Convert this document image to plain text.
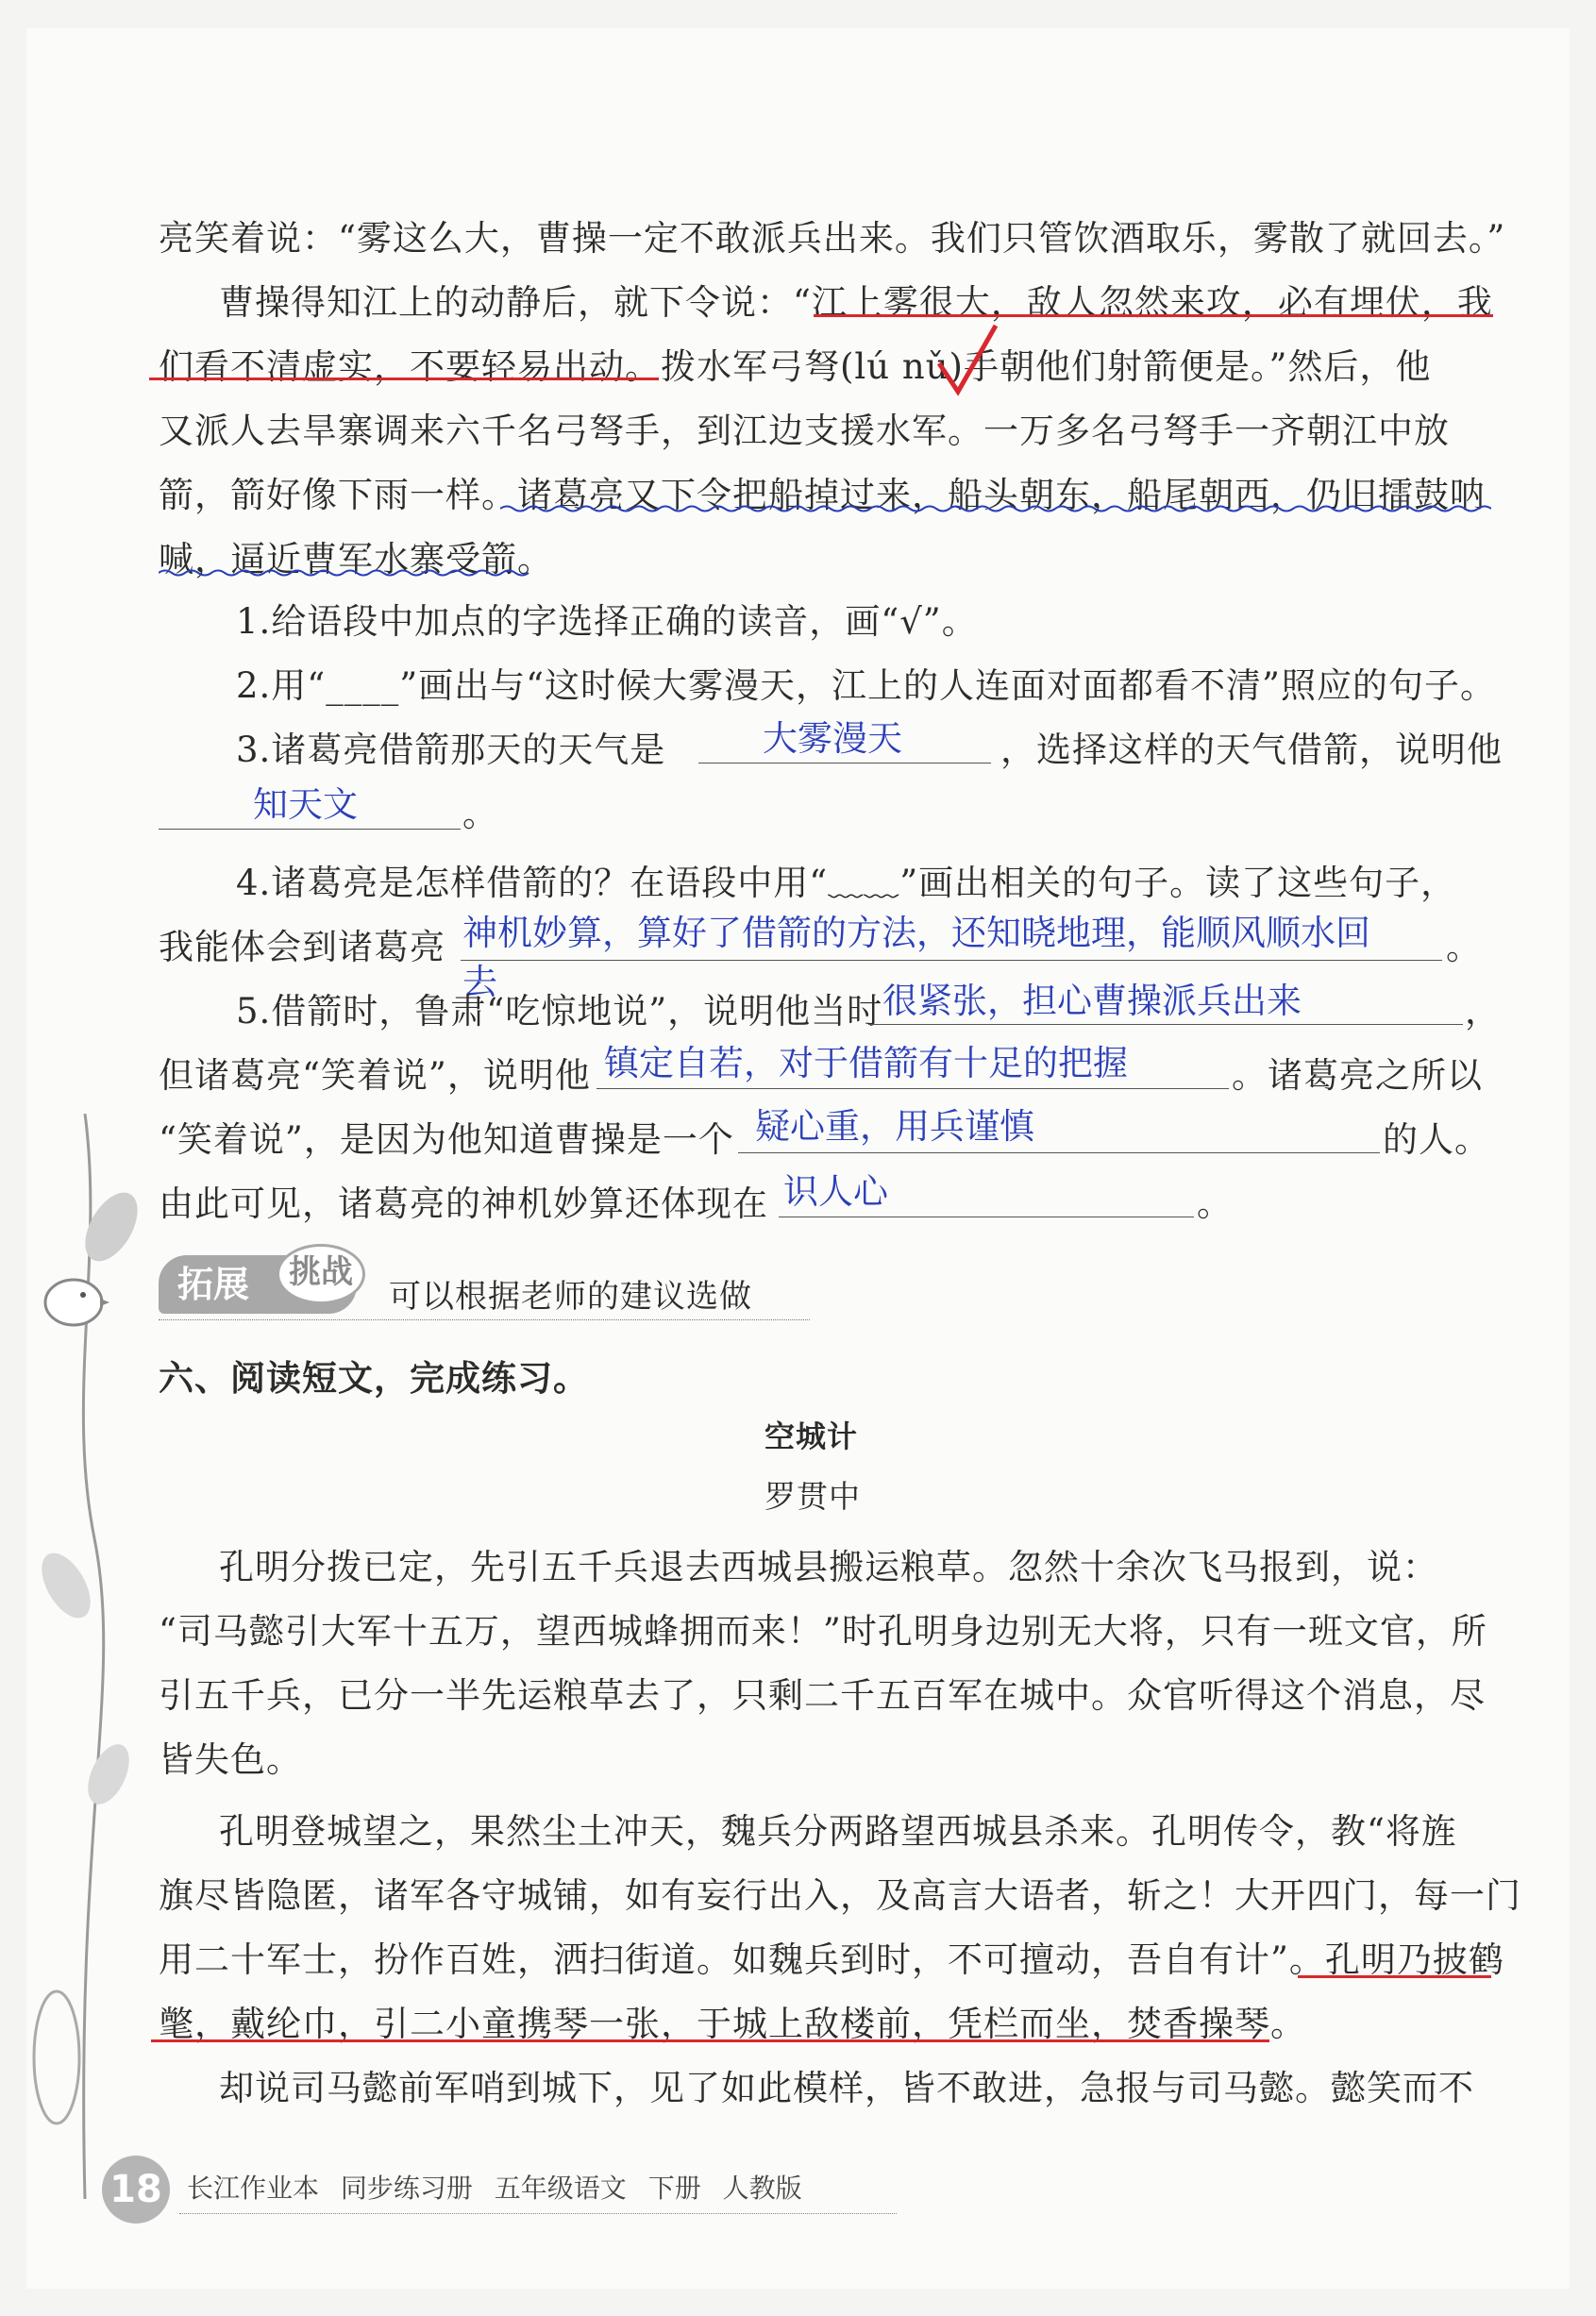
亮笑着说：“雾这么大，曹操一定不敢派兵出来。我们只管饮酒取乐，雾散了就回去。”
曹操得知江上的动静后，就下令说：“江上雾很大，敌人忽然来攻，必有埋伏，我
们看不清虚实，不要轻易出动。拨水军弓弩(lú nǔ)手朝他们射箭便是。”然后，他
又派人去旱寨调来六千名弓弩手，到江边支援水军。一万多名弓弩手一齐朝江中放
箭，箭好像下雨一样。诸葛亮又下令把船掉过来，船头朝东，船尾朝西，仍旧擂鼓呐
喊，逼近曹军水寨受箭。
1.给语段中加点的字选择正确的读音，画“√”。
2.用“____”画出与“这时候大雾漫天，江上的人连面对面都看不清”照应的句子。
3.诸葛亮借箭那天的天气是	大雾漫天	，选择这样的天气借箭，说明他
知天文	。
4.诸葛亮是怎样借箭的？在语段中用“﹏﹏”画出相关的句子。读了这些句子，
我能体会到诸葛亮 神机妙算，算好了借箭的方法，还知晓地理，能顺风顺水回
去
。
5.借箭时，鲁肃“吃惊地说”，说明他当时 很紧张，担心曹操派兵出来	，
但诸葛亮“笑着说”，说明他 镇定自若，对于借箭有十足的把握	。诸葛亮之所以
“笑着说”，是因为他知道曹操是一个 疑心重，用兵谨慎	的人。
由此可见，诸葛亮的神机妙算还体现在 识人心	。
拓展	挑战
可以根据老师的建议选做
六、阅读短文，完成练习。
空城计
罗贯中
孔明分拨已定，先引五千兵退去西城县搬运粮草。忽然十余次飞马报到，说：
“司马懿引大军十五万，望西城蜂拥而来！”时孔明身边别无大将，只有一班文官，所
引五千兵，已分一半先运粮草去了，只剩二千五百军在城中。众官听得这个消息，尽
皆失色。
孔明登城望之，果然尘土冲天，魏兵分两路望西城县杀来。孔明传令，教“将旌
旗尽皆隐匿，诸军各守城铺，如有妄行出入，及高言大语者，斩之！大开四门，每一门
用二十军士，扮作百姓，洒扫街道。如魏兵到时，不可擅动，吾自有计”。孔明乃披鹤
氅，戴纶巾，引二小童携琴一张，于城上敌楼前，凭栏而坐，焚香操琴。
却说司马懿前军哨到城下，见了如此模样，皆不敢进，急报与司马懿。懿笑而不
18 长江作业本 同步练习册 五年级语文 下册 人教版
